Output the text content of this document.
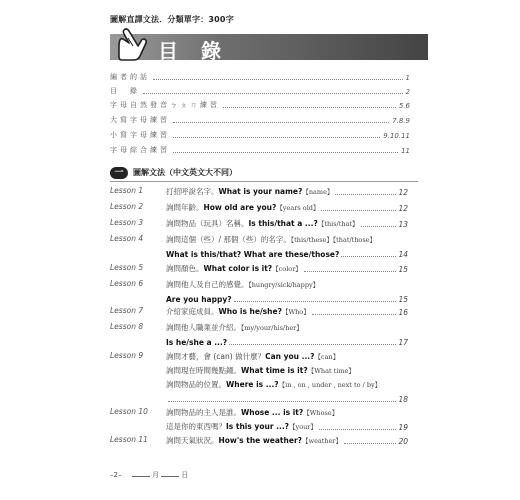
圖解直譯文法．分類單字：300字
目 錄
編者的話	1
目　錄	2
字母自然發音ㄅㄆㄇ練習	5.6
大寫字母練習	7.8.9
小寫字母練習	9.10.11
字母綜合練習	11
一	圖解文法（中文英文大不同）
Lesson 1	打招呼說名字。What is your name?【name】	12
Lesson 2	詢問年齡。How old are you?【years old】	12
Lesson 3	詢問物品（玩具）名稱。Is this/that a ...?【this/that】	13
Lesson 4	詢問這個（些）/ 那個（些）的名字。【this/these】【that/those】
What is this/that? What are these/those?	14
Lesson 5	詢問顏色。What color is it?【color】	15
Lesson 6	詢問他人及自己的感覺。【hungry/sick/happy】
Are you happy?	15
Lesson 7	介紹家庭成員。Who is he/she?【Who】	16
Lesson 8	詢問他人職業並介紹。【my/your/his/her】
Is he/she a ...?	17
Lesson 9	詢問才藝，會 (can) 做什麼？Can you ...?【can】
詢問現在時間幾點鐘。What time is it?【What time】
詢問物品的位置。Where is ...?【in , on , under , next to / by】
18
Lesson 10 詢問物品的主人是誰。Whose ... is it?【Whose】
這是你的東西嗎？Is this your ...?【your】	19
Lesson 11 詢問天氣狀況。How's the weather?【weather】	20
–2–	月	日
